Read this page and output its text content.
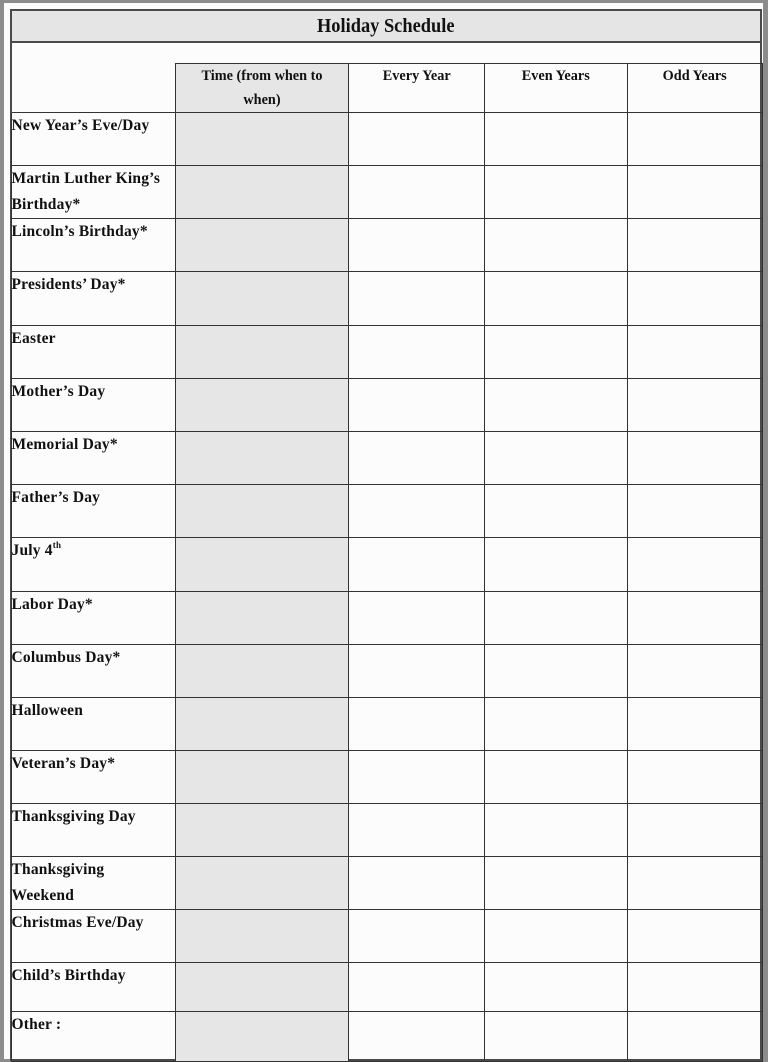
Holiday Schedule
	Time (from when to when)	Every Year	Even Years	Odd Years
New Year’s Eve/Day				
Martin Luther King’s Birthday*				
Lincoln’s Birthday*				
Presidents’ Day*				
Easter				
Mother’s Day				
Memorial Day*				
Father’s Day				
July 4th				
Labor Day*				
Columbus Day*				
Halloween				
Veteran’s Day*				
Thanksgiving Day				
Thanksgiving Weekend				
Christmas Eve/Day				
Child’s Birthday				
Other :				
